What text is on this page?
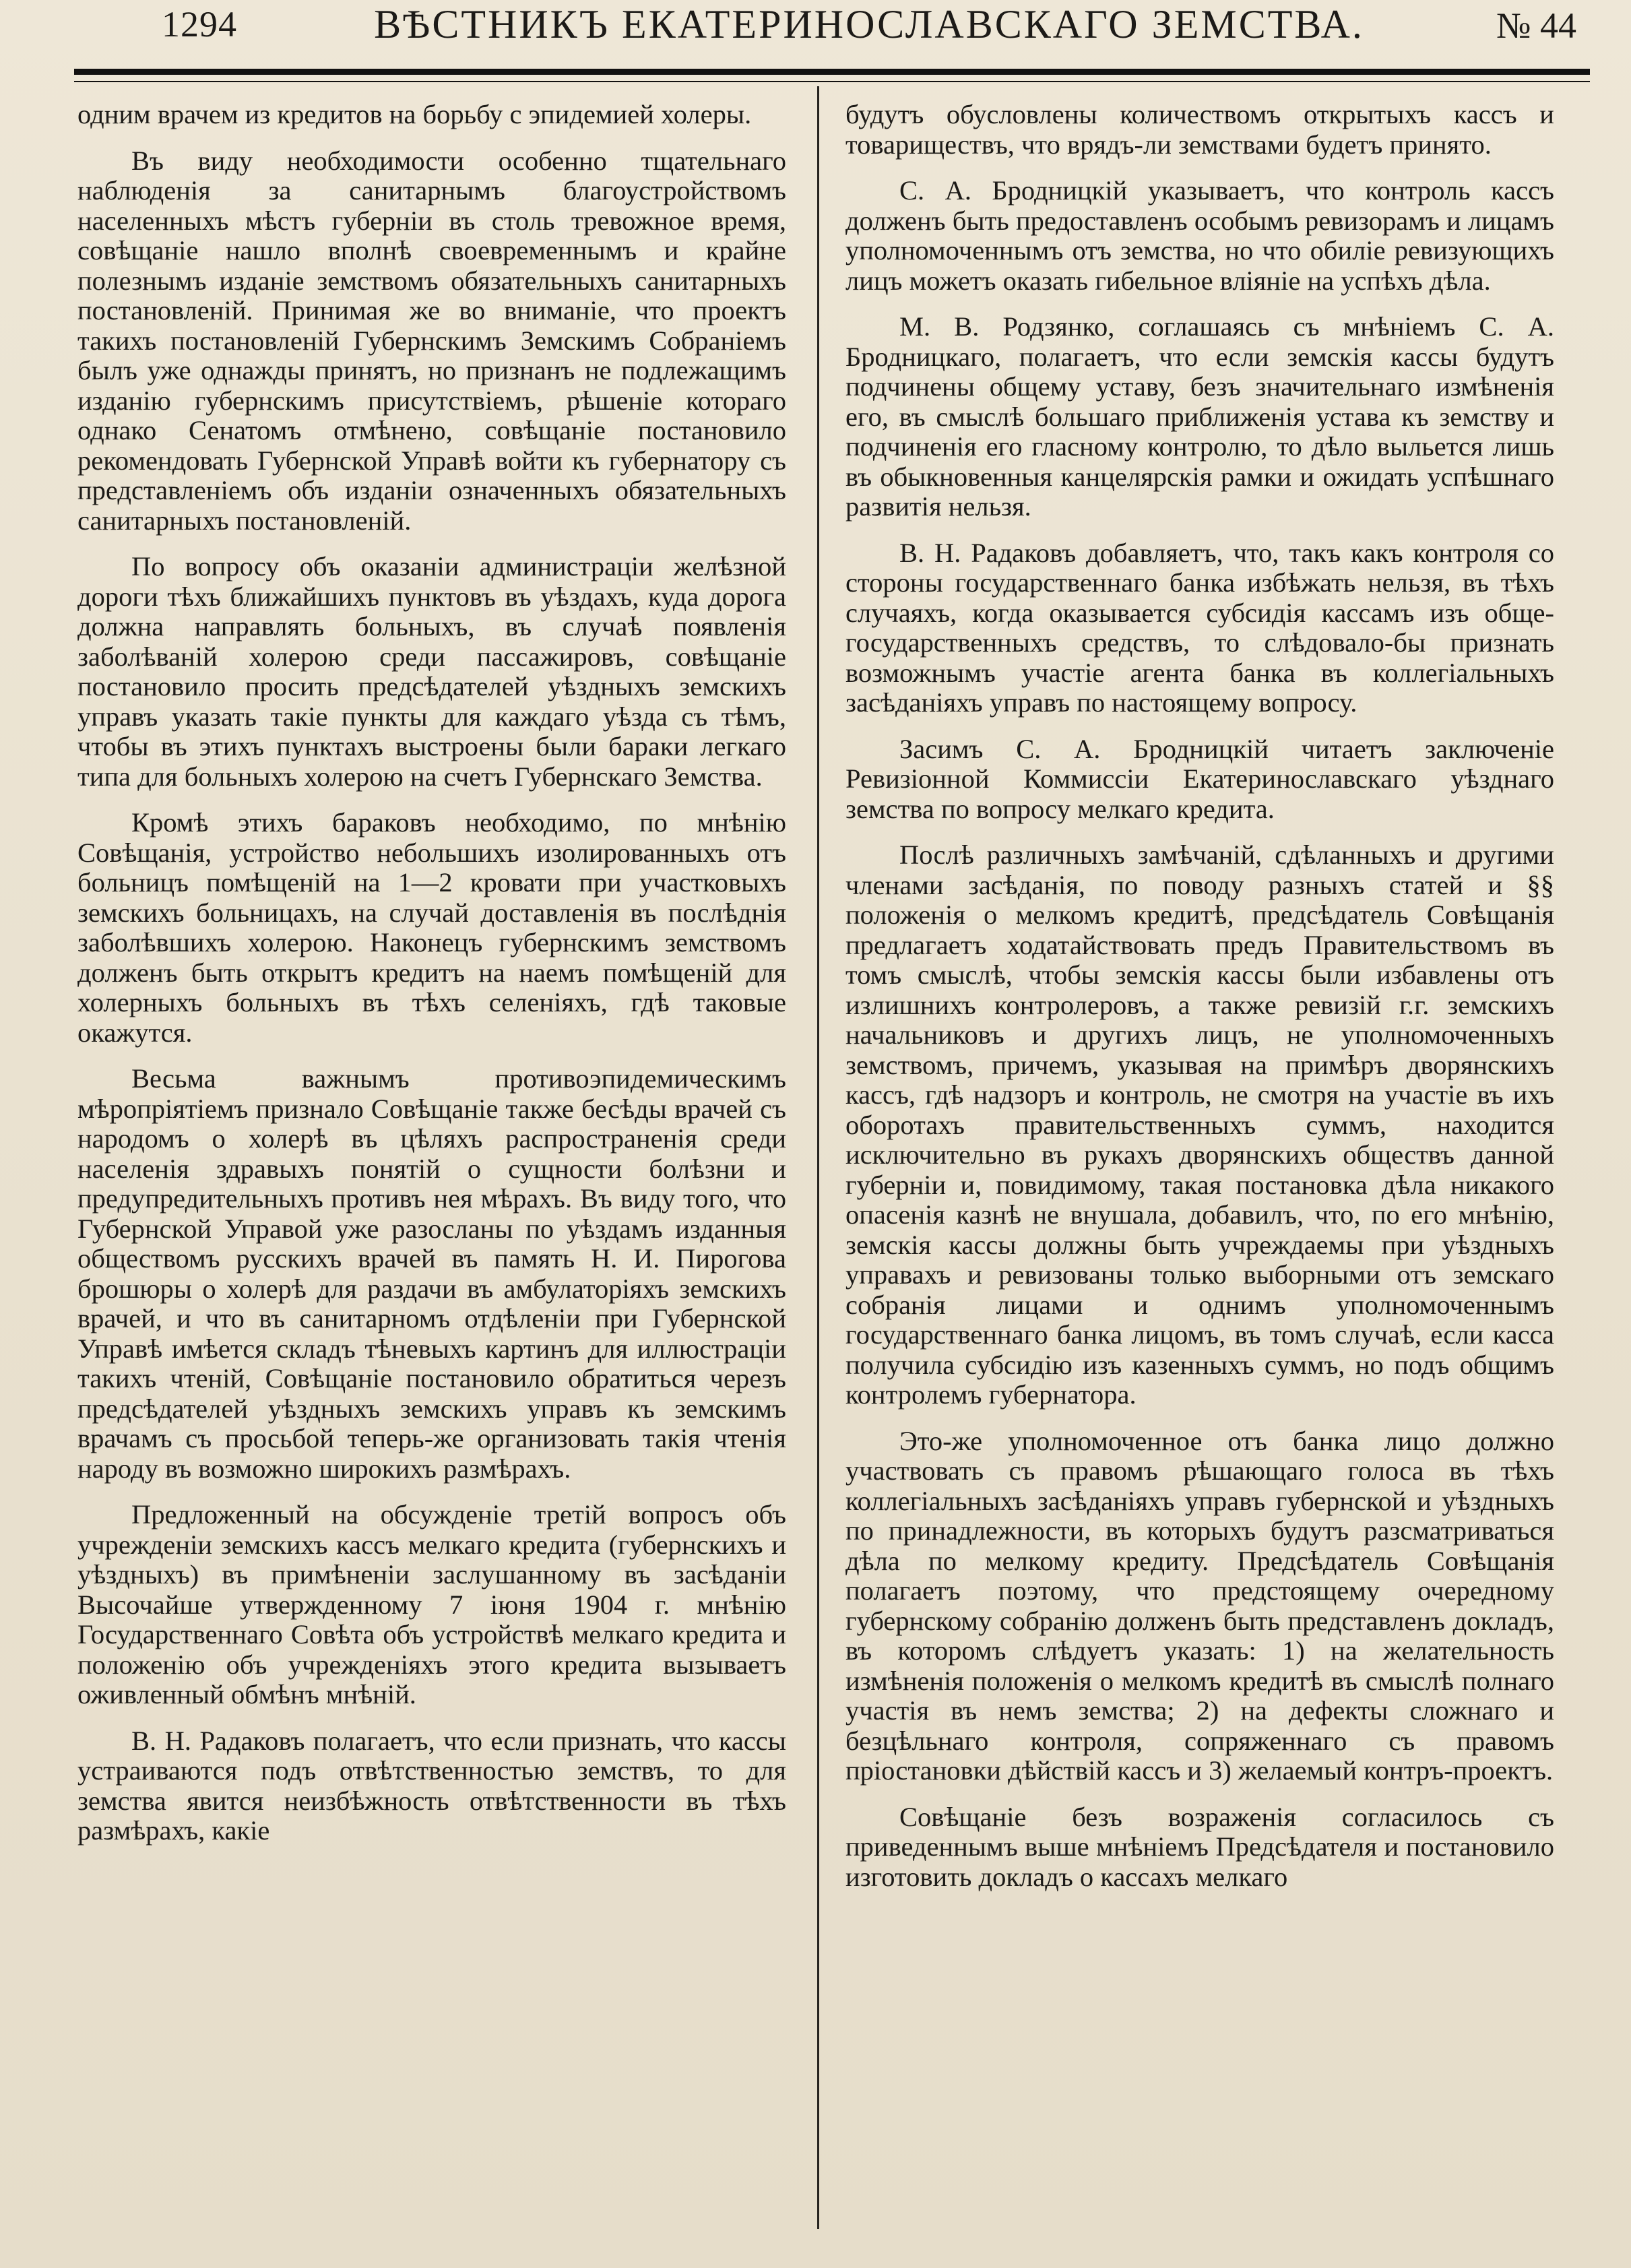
1294	ВѢСТНИКЪ ЕКАТЕРИНОСЛАВСКАГО ЗЕМСТВА.	№ 44

одним врачем из кредитов на борьбу с эпидемией холеры.

Въ виду необходимости особенно тщательнаго наблюденія за санитарнымъ благоустройствомъ населенныхъ мѣстъ губерніи въ столь тревожное время, совѣщаніе нашло вполнѣ своевременнымъ и крайне полезнымъ изданіе земствомъ обязательныхъ санитарныхъ постановленій. Принимая же во вниманіе, что проектъ такихъ постановленій Губернскимъ Земскимъ Собраніемъ былъ уже однажды принятъ, но признанъ не подлежащимъ изданію губернскимъ присутствіемъ, рѣшеніе котораго однако Сенатомъ отмѣнено, совѣщаніе постановило рекомендовать Губернской Управѣ войти къ губернатору съ представленіемъ объ изданіи означенныхъ обязательныхъ санитарныхъ постановленій.

По вопросу объ оказаніи администраціи желѣзной дороги тѣхъ ближайшихъ пунктовъ въ уѣздахъ, куда дорога должна направлять больныхъ, въ случаѣ появленія заболѣваній холерою среди пассажировъ, совѣщаніе постановило просить предсѣдателей уѣздныхъ земскихъ управъ указать такіе пункты для каждаго уѣзда съ тѣмъ, чтобы въ этихъ пунктахъ выстроены были бараки легкаго типа для больныхъ холерою на счетъ Губернскаго Земства.

Кромѣ этихъ бараковъ необходимо, по мнѣнію Совѣщанія, устройство небольшихъ изолированныхъ отъ больницъ помѣщеній на 1—2 кровати при участковыхъ земскихъ больницахъ, на случай доставленія въ послѣднія заболѣвшихъ холерою. Наконецъ губернскимъ земствомъ долженъ быть открытъ кредитъ на наемъ помѣщеній для холерныхъ больныхъ въ тѣхъ селеніяхъ, гдѣ таковые окажутся.

Весьма важнымъ противоэпидемическимъ мѣропріятіемъ признало Совѣщаніе также бесѣды врачей съ народомъ о холерѣ въ цѣляхъ распространенія среди населенія здравыхъ понятій о сущности болѣзни и предупредительныхъ противъ нея мѣрахъ. Въ виду того, что Губернской Управой уже разосланы по уѣздамъ изданныя обществомъ русскихъ врачей въ память Н. И. Пирогова брошюры о холерѣ для раздачи въ амбулаторіяхъ земскихъ врачей, и что въ санитарномъ отдѣленіи при Губернской Управѣ имѣется складъ тѣневыхъ картинъ для иллюстраціи такихъ чтеній, Совѣщаніе постановило обратиться черезъ предсѣдателей уѣздныхъ земскихъ управъ къ земскимъ врачамъ съ просьбой теперь-же организовать такія чтенія народу въ возможно широкихъ размѣрахъ.

Предложенный на обсужденіе третій вопросъ объ учрежденіи земскихъ кассъ мелкаго кредита (губернскихъ и уѣздныхъ) въ примѣненіи заслушанному въ засѣданіи Высочайше утвержденному 7 іюня 1904 г. мнѣнію Государственнаго Совѣта объ устройствѣ мелкаго кредита и положенію объ учрежденіяхъ этого кредита вызываетъ оживленный обмѣнъ мнѣній.

В. Н. Радаковъ полагаетъ, что если признать, что кассы устраиваются подъ отвѣтственностью земствъ, то для земства явится неизбѣжность отвѣтственности въ тѣхъ размѣрахъ, какіе

будутъ обусловлены количествомъ открытыхъ кассъ и товариществъ, что врядъ-ли земствами будетъ принято.

С. А. Бродницкій указываетъ, что контроль кассъ долженъ быть предоставленъ особымъ ревизорамъ и лицамъ уполномоченнымъ отъ земства, но что обиліе ревизующихъ лицъ можетъ оказать гибельное вліяніе на успѣхъ дѣла.

М. В. Родзянко, соглашаясь съ мнѣніемъ С. А. Бродницкаго, полагаетъ, что если земскія кассы будутъ подчинены общему уставу, безъ значительнаго измѣненія его, въ смыслѣ большаго приближенія устава къ земству и подчиненія его гласному контролю, то дѣло выльется лишь въ обыкновенныя канцелярскія рамки и ожидать успѣшнаго развитія нельзя.

В. Н. Радаковъ добавляетъ, что, такъ какъ контроля со стороны государственнаго банка избѣжать нельзя, въ тѣхъ случаяхъ, когда оказывается субсидія кассамъ изъ обще-государственныхъ средствъ, то слѣдовало-бы признать возможнымъ участіе агента банка въ коллегіальныхъ засѣданіяхъ управъ по настоящему вопросу.

Засимъ С. А. Бродницкій читаетъ заключеніе Ревизіонной Коммиссіи Екатеринославскаго уѣзднаго земства по вопросу мелкаго кредита.

Послѣ различныхъ замѣчаній, сдѣланныхъ и другими членами засѣданія, по поводу разныхъ статей и §§ положенія о мелкомъ кредитѣ, предсѣдатель Совѣщанія предлагаетъ ходатайствовать предъ Правительствомъ въ томъ смыслѣ, чтобы земскія кассы были избавлены отъ излишнихъ контролеровъ, а также ревизій г.г. земскихъ начальниковъ и другихъ лицъ, не уполномоченныхъ земствомъ, причемъ, указывая на примѣръ дворянскихъ кассъ, гдѣ надзоръ и контроль, не смотря на участіе въ ихъ оборотахъ правительственныхъ суммъ, находится исключительно въ рукахъ дворянскихъ обществъ данной губерніи и, повидимому, такая постановка дѣла никакого опасенія казнѣ не внушала, добавилъ, что, по его мнѣнію, земскія кассы должны быть учреждаемы при уѣздныхъ управахъ и ревизованы только выборными отъ земскаго собранія лицами и однимъ уполномоченнымъ государственнаго банка лицомъ, въ томъ случаѣ, если касса получила субсидію изъ казенныхъ суммъ, но подъ общимъ контролемъ губернатора.

Это-же уполномоченное отъ банка лицо должно участвовать съ правомъ рѣшающаго голоса въ тѣхъ коллегіальныхъ засѣданіяхъ управъ губернской и уѣздныхъ по принадлежности, въ которыхъ будутъ разсматриваться дѣла по мелкому кредиту. Предсѣдатель Совѣщанія полагаетъ поэтому, что предстоящему очередному губернскому собранію долженъ быть представленъ докладъ, въ которомъ слѣдуетъ указать: 1) на желательность измѣненія положенія о мелкомъ кредитѣ въ смыслѣ полнаго участія въ немъ земства; 2) на дефекты сложнаго и безцѣльнаго контроля, сопряженнаго съ правомъ пріостановки дѣйствій кассъ и 3) желаемый контръ-проектъ.

Совѣщаніе безъ возраженія согласилось съ приведеннымъ выше мнѣніемъ Предсѣдателя и постановило изготовить докладъ о кассахъ мелкаго
